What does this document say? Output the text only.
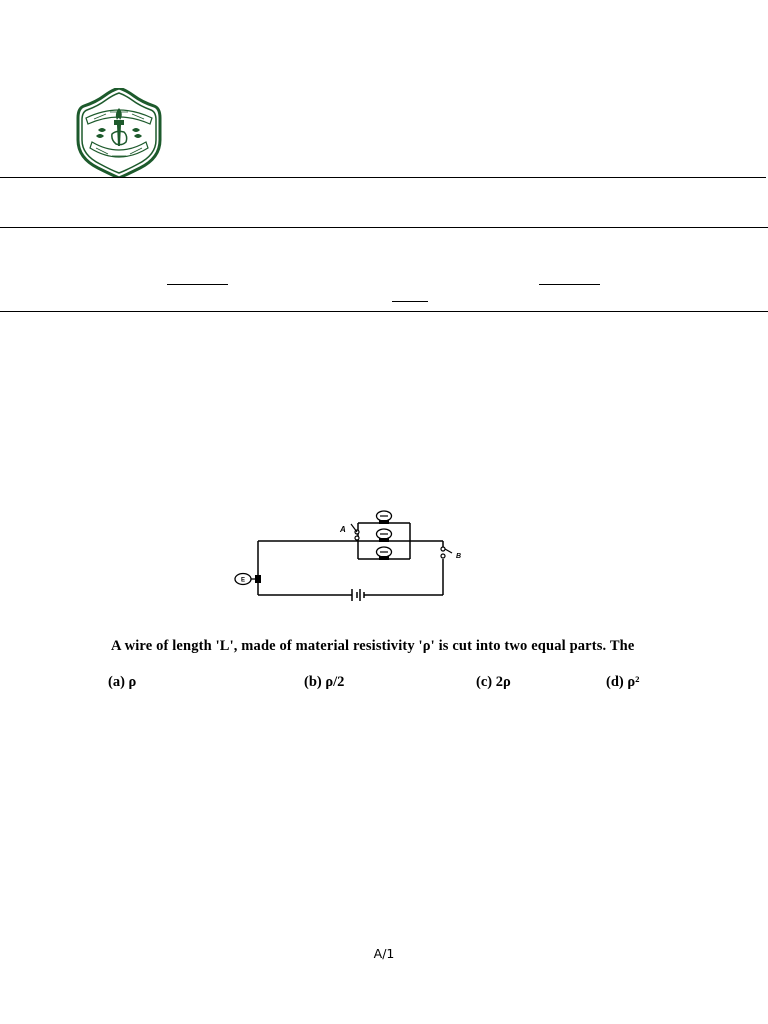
E
A
B
A wire of length 'L', made of material resistivity 'ρ' is cut into two equal parts. The
(a) ρ	(b) ρ/2	(c) 2ρ	(d) ρ²
A/1
